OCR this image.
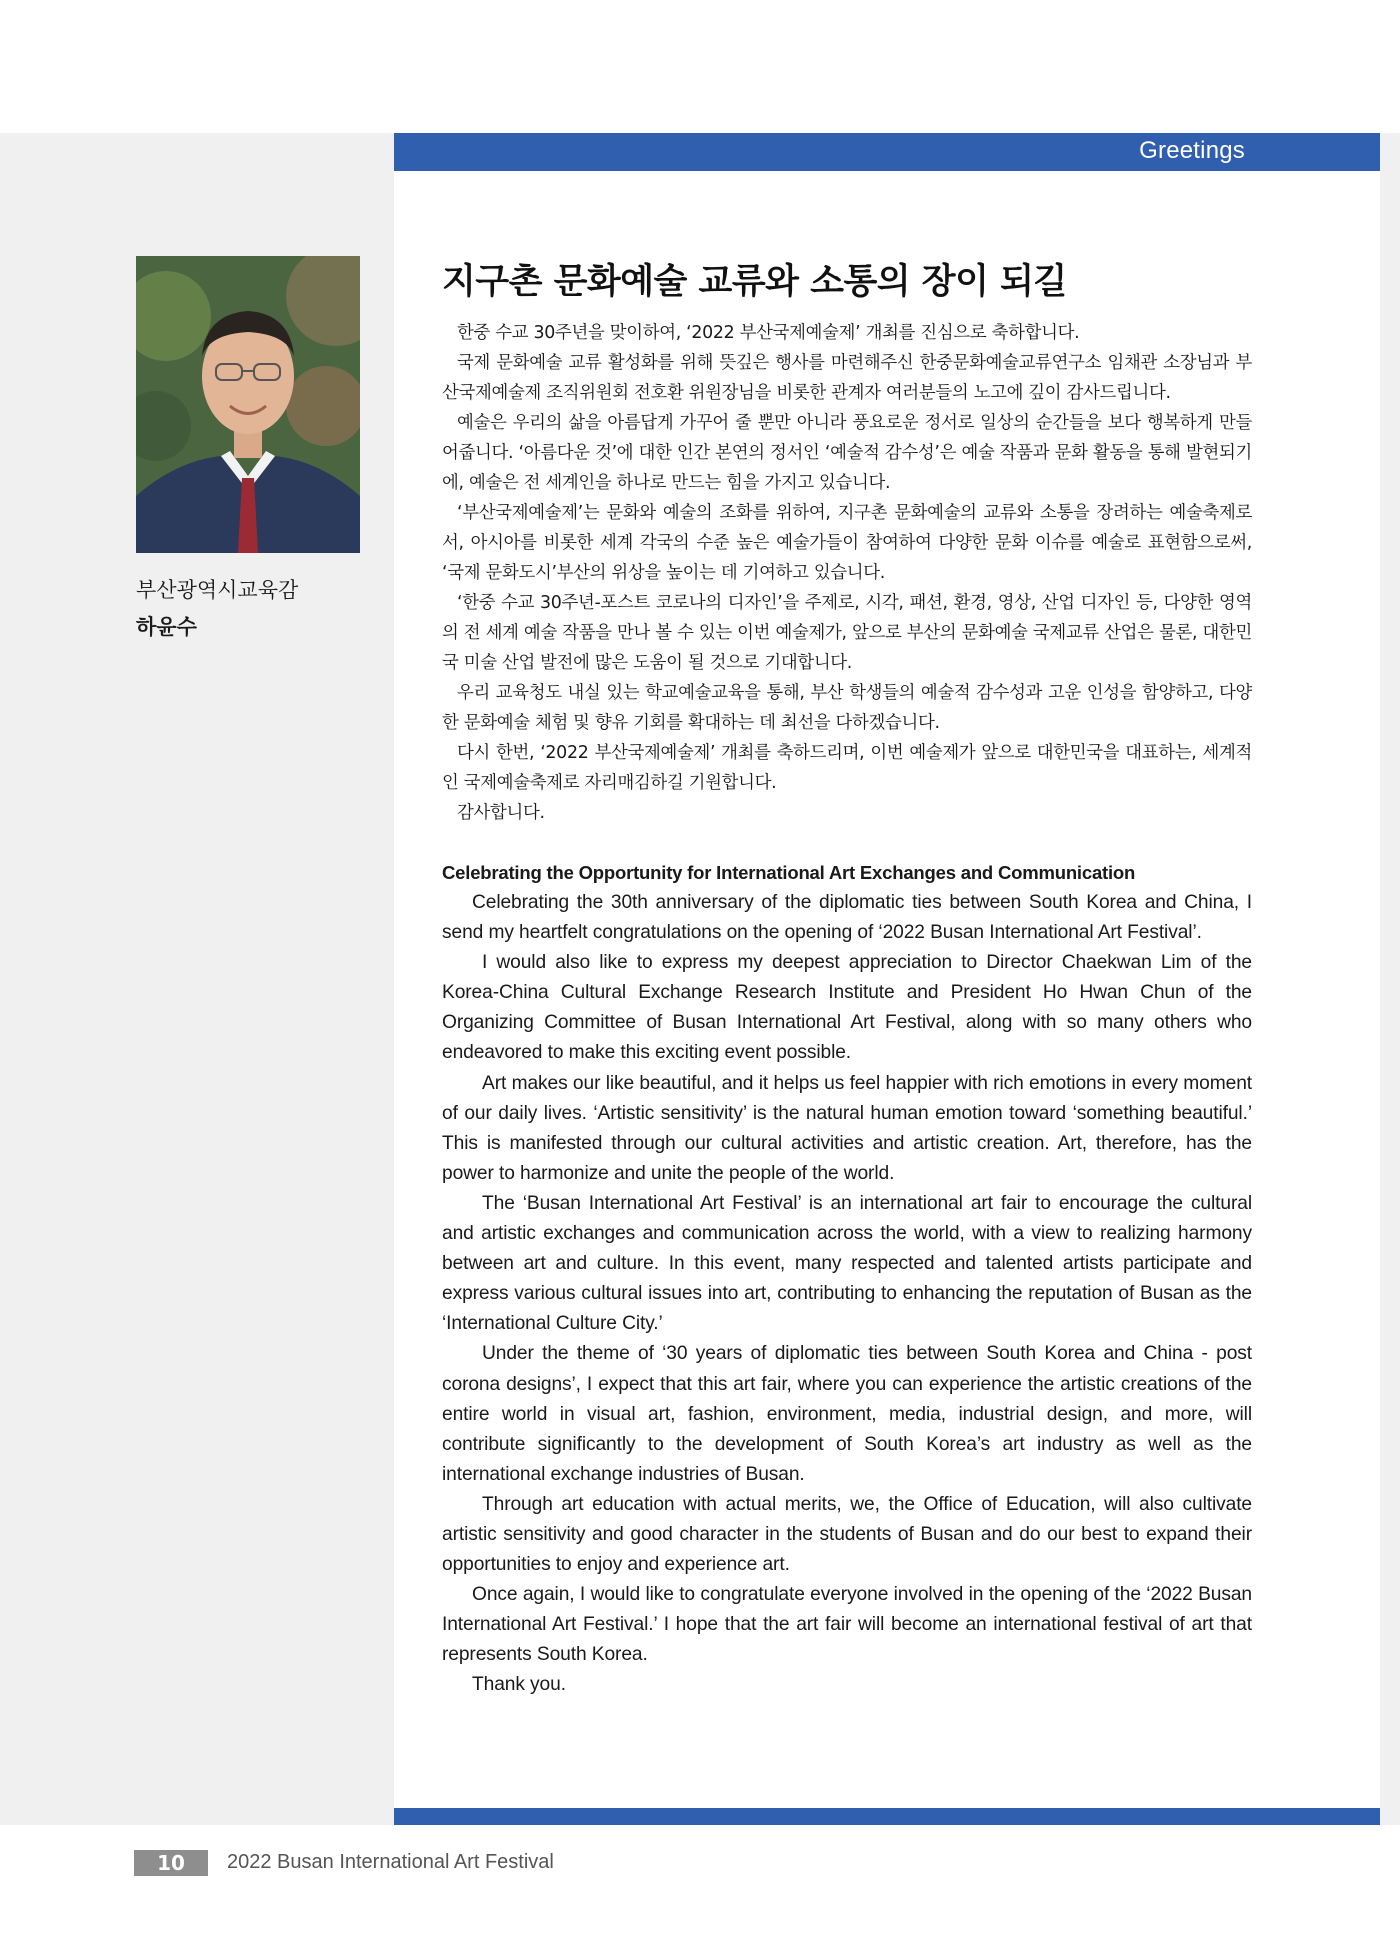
Greetings
부산광역시교육감
하윤수
지구촌 문화예술 교류와 소통의 장이 되길

한중 수교 30주년을 맞이하여, ‘2022 부산국제예술제’ 개최를 진심으로 축하합니다.

국제 문화예술 교류 활성화를 위해 뜻깊은 행사를 마련해주신 한중문화예술교류연구소 임채관 소장님과 부산국제예술제 조직위원회 전호환 위원장님을 비롯한 관계자 여러분들의 노고에 깊이 감사드립니다.

예술은 우리의 삶을 아름답게 가꾸어 줄 뿐만 아니라 풍요로운 정서로 일상의 순간들을 보다 행복하게 만들어줍니다. ‘아름다운 것’에 대한 인간 본연의 정서인 ‘예술적 감수성’은 예술 작품과 문화 활동을 통해 발현되기에, 예술은 전 세계인을 하나로 만드는 힘을 가지고 있습니다.

‘부산국제예술제’는 문화와 예술의 조화를 위하여, 지구촌 문화예술의 교류와 소통을 장려하는 예술축제로서, 아시아를 비롯한 세계 각국의 수준 높은 예술가들이 참여하여 다양한 문화 이슈를 예술로 표현함으로써, ‘국제 문화도시’부산의 위상을 높이는 데 기여하고 있습니다.

‘한중 수교 30주년-포스트 코로나의 디자인’을 주제로, 시각, 패션, 환경, 영상, 산업 디자인 등, 다양한 영역의 전 세계 예술 작품을 만나 볼 수 있는 이번 예술제가, 앞으로 부산의 문화예술 국제교류 산업은 물론, 대한민국 미술 산업 발전에 많은 도움이 될 것으로 기대합니다.

우리 교육청도 내실 있는 학교예술교육을 통해, 부산 학생들의 예술적 감수성과 고운 인성을 함양하고, 다양한 문화예술 체험 및 향유 기회를 확대하는 데 최선을 다하겠습니다.

다시 한번, ‘2022 부산국제예술제’ 개최를 축하드리며, 이번 예술제가 앞으로 대한민국을 대표하는, 세계적인 국제예술축제로 자리매김하길 기원합니다.

감사합니다.

Celebrating the Opportunity for International Art Exchanges and Communication

Celebrating the 30th anniversary of the diplomatic ties between South Korea and China, I send my heartfelt congratulations on the opening of ‘2022 Busan International Art Festival’.

I would also like to express my deepest appreciation to Director Chaekwan Lim of the Korea-China Cultural Exchange Research Institute and President Ho Hwan Chun of the Organizing Committee of Busan International Art Festival, along with so many others who endeavored to make this exciting event possible.

Art makes our like beautiful, and it helps us feel happier with rich emotions in every moment of our daily lives. ‘Artistic sensitivity’ is the natural human emotion toward ‘something beautiful.’ This is manifested through our cultural activities and artistic creation. Art, therefore, has the power to harmonize and unite the people of the world.

The ‘Busan International Art Festival’ is an international art fair to encourage the cultural and artistic exchanges and communication across the world, with a view to realizing harmony between art and culture. In this event, many respected and talented artists participate and express various cultural issues into art, contributing to enhancing the reputation of Busan as the ‘International Culture City.’

Under the theme of ‘30 years of diplomatic ties between South Korea and China - post corona designs’, I expect that this art fair, where you can experience the artistic creations of the entire world in visual art, fashion, environment, media, industrial design, and more, will contribute significantly to the development of South Korea’s art industry as well as the international exchange industries of Busan.

Through art education with actual merits, we, the Office of Education, will also cultivate artistic sensitivity and good character in the students of Busan and do our best to expand their opportunities to enjoy and experience art.

Once again, I would like to congratulate everyone involved in the opening of the ‘2022 Busan International Art Festival.’ I hope that the art fair will become an international festival of art that represents South Korea.

Thank you.

10	2022 Busan International Art Festival
